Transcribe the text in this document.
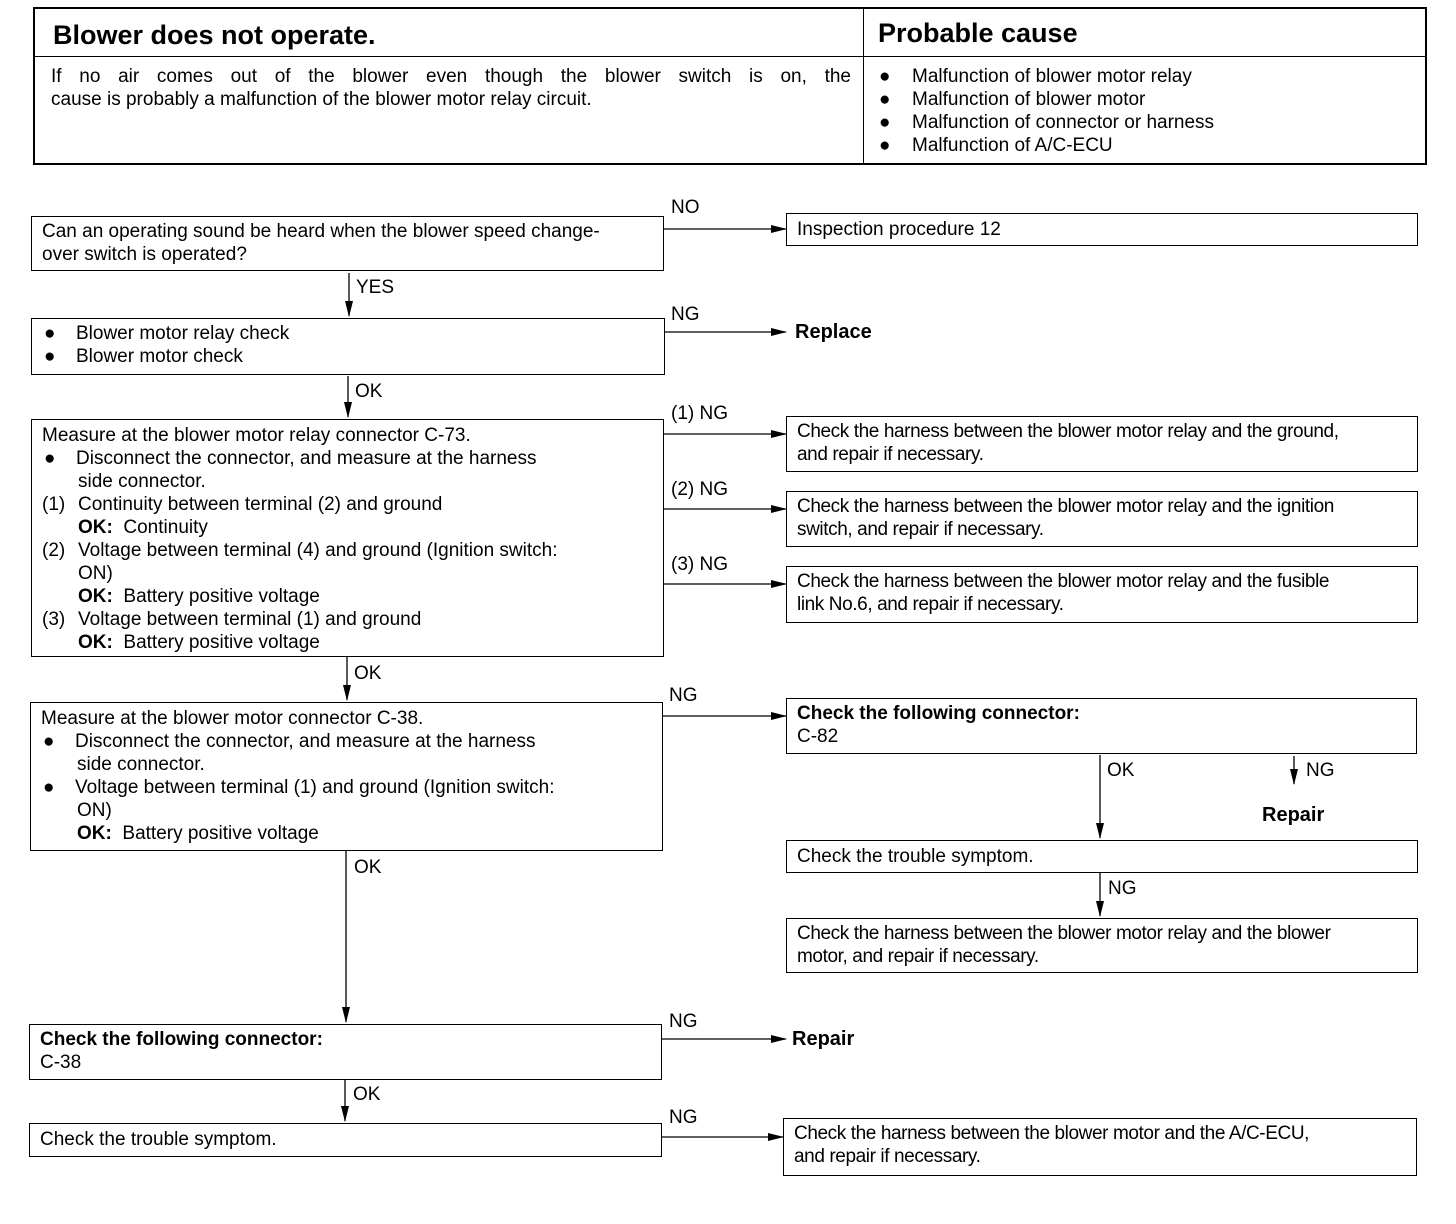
Blower does not operate.	Probable cause
If no air comes out of the blower even though the blower switch is on, the
cause is probably a malfunction of the blower motor relay circuit.
● Malfunction of blower motor relay
● Malfunction of blower motor
● Malfunction of connector or harness
● Malfunction of A/C-ECU
Can an operating sound be heard when the blower speed change-
over switch is operated?
NO
Inspection procedure 12
YES
● Blower motor relay check
● Blower motor check
NG
Replace
OK
Measure at the blower motor relay connector C-73.
● Disconnect the connector, and measure at the harness
side connector.
(1) Continuity between terminal (2) and ground
OK: Continuity
(2) Voltage between terminal (4) and ground (Ignition switch:
ON)
OK: Battery positive voltage
(3) Voltage between terminal (1) and ground
OK: Battery positive voltage
(1) NG
(2) NG
(3) NG
Check the harness between the blower motor relay and the ground,
and repair if necessary.
Check the harness between the blower motor relay and the ignition
switch, and repair if necessary.
Check the harness between the blower motor relay and the fusible
link No.6, and repair if necessary.
OK
Measure at the blower motor connector C-38.
● Disconnect the connector, and measure at the harness
side connector.
● Voltage between terminal (1) and ground (Ignition switch:
ON)
OK: Battery positive voltage
NG
Check the following connector:
C-82
OK	NG
Repair
Check the trouble symptom.
NG
Check the harness between the blower motor relay and the blower
motor, and repair if necessary.
OK
Check the following connector:
C-38
NG
Repair
OK
Check the trouble symptom.
NG
Check the harness between the blower motor and the A/C-ECU,
and repair if necessary.
